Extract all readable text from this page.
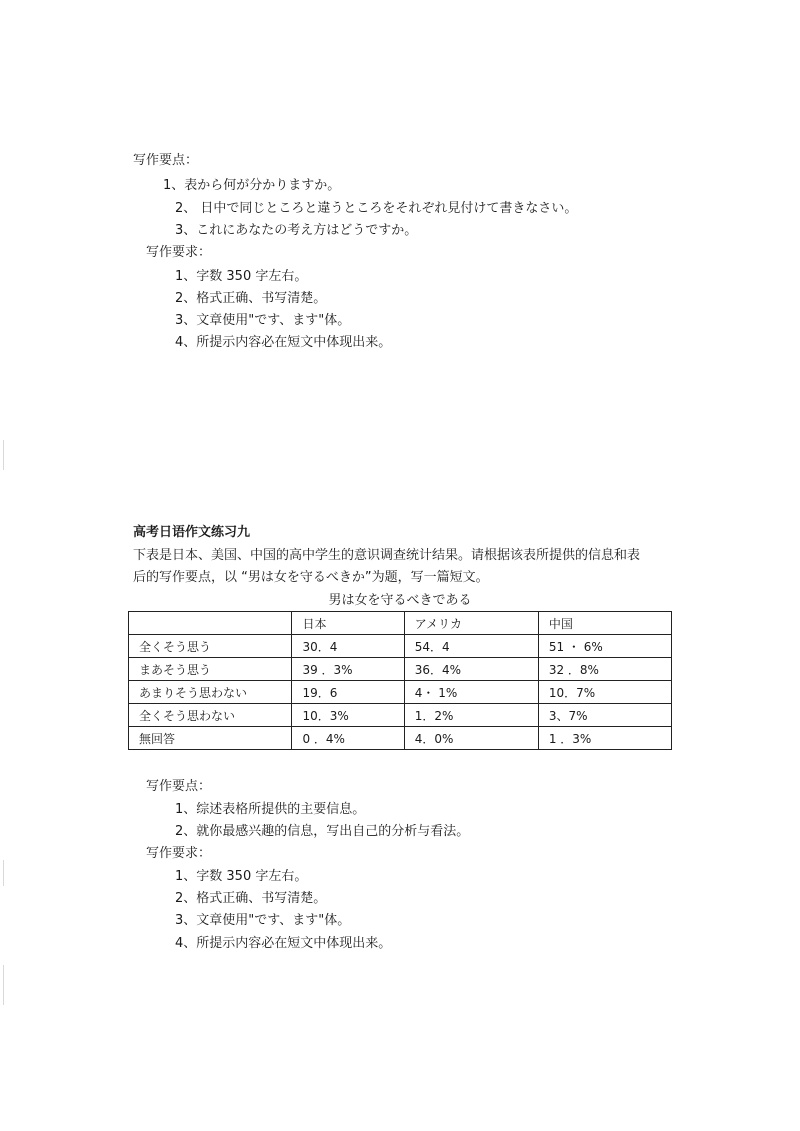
写作要点：
1、表から何が分かりますか。
2、 日中で同じところと違うところをそれぞれ見付けて書きなさい。
3、これにあなたの考え方はどうですか。
写作要求：
1、字数 350 字左右。
2、格式正确、书写清楚。
3、文章使用"です、ます"体。
4、所提示内容必在短文中体现出来。
高考日语作文练习九
下表是日本、美国、中国的高中学生的意识调查统计结果。请根据该表所提供的信息和表
后的写作要点，以 “男は女を守るべきか”为题，写一篇短文。
男は女を守るべきである
	日本	アメリカ	中国
全くそう思う	30．4	54．4	51 ・ 6%
まあそう思う	39 ．3%	36．4%	32 ．8%
あまりそう思わない	19．6	4・ 1%	10．7%
全くそう思わない	10．3%	1．2%	3、7%
無回答	0 ．4%	4．0%	1 ．3%
写作要点：
1、综述表格所提供的主要信息。
2、就你最感兴趣的信息，写出自己的分析与看法。
写作要求：
1、字数 350 字左右。
2、格式正确、书写清楚。
3、文章使用"です、ます"体。
4、所提示内容必在短文中体现出来。
